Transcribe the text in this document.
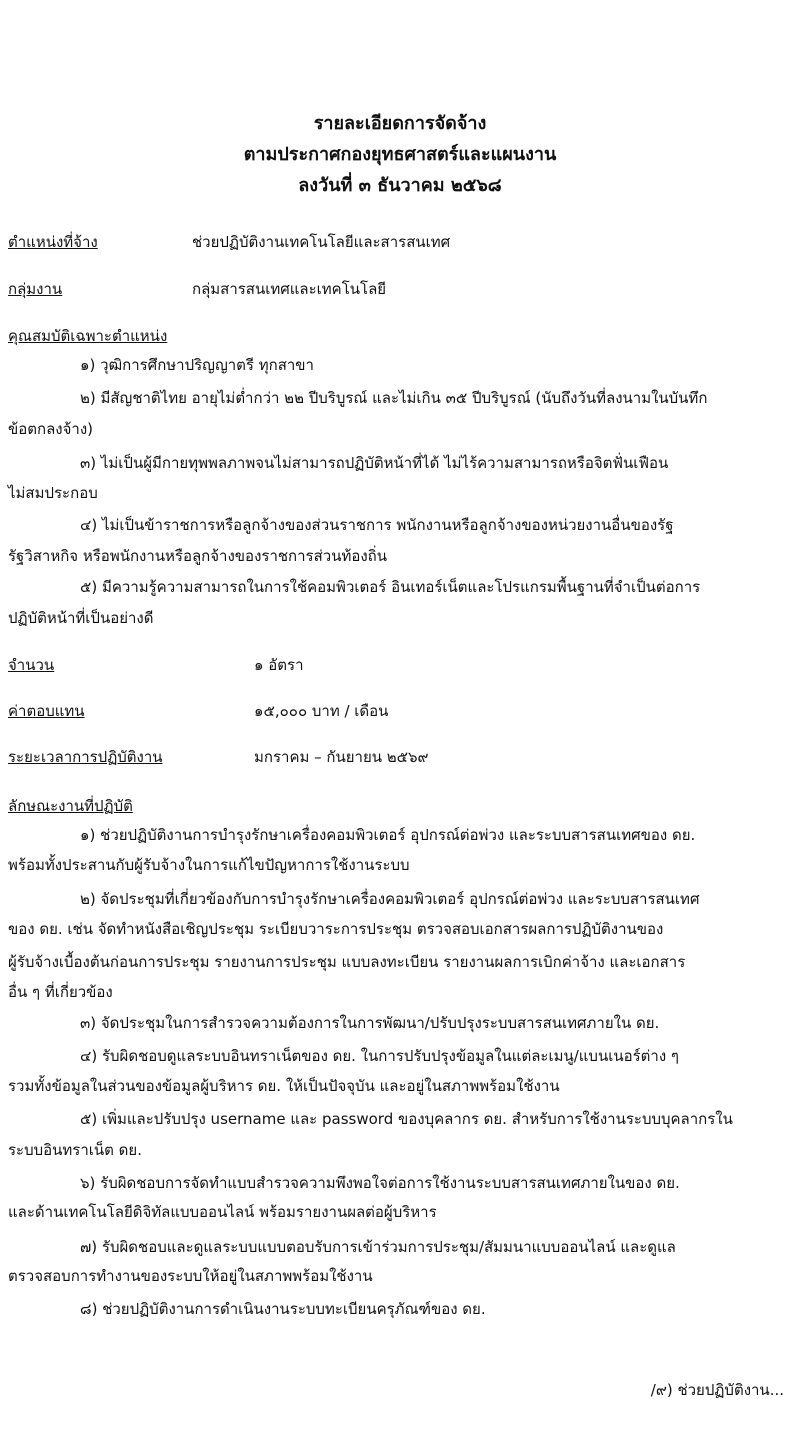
รายละเอียดการจัดจ้าง
ตามประกาศกองยุทธศาสตร์และแผนงาน
ลงวันที่ ๓ ธันวาคม ๒๕๖๘
ตำแหน่งที่จ้าง	ช่วยปฏิบัติงานเทคโนโลยีและสารสนเทศ
กลุ่มงาน	กลุ่มสารสนเทศและเทคโนโลยี
คุณสมบัติเฉพาะตำแหน่ง
๑) วุฒิการศึกษาปริญญาตรี ทุกสาขา
๒) มีสัญชาติไทย อายุไม่ต่ำกว่า ๒๒ ปีบริบูรณ์ และไม่เกิน ๓๕ ปีบริบูรณ์ (นับถึงวันที่ลงนามในบันทึก
ข้อตกลงจ้าง)
๓) ไม่เป็นผู้มีกายทุพพลภาพจนไม่สามารถปฏิบัติหน้าที่ได้ ไม่ไร้ความสามารถหรือจิตฟั่นเฟือน
ไม่สมประกอบ
๔) ไม่เป็นข้าราชการหรือลูกจ้างของส่วนราชการ พนักงานหรือลูกจ้างของหน่วยงานอื่นของรัฐ
รัฐวิสาหกิจ หรือพนักงานหรือลูกจ้างของราชการส่วนท้องถิ่น
๕) มีความรู้ความสามารถในการใช้คอมพิวเตอร์ อินเทอร์เน็ตและโปรแกรมพื้นฐานที่จำเป็นต่อการ
ปฏิบัติหน้าที่เป็นอย่างดี
จำนวน	๑ อัตรา
ค่าตอบแทน	๑๕,๐๐๐ บาท / เดือน
ระยะเวลาการปฏิบัติงาน	มกราคม – กันยายน ๒๕๖๙
ลักษณะงานที่ปฏิบัติ
๑) ช่วยปฏิบัติงานการบำรุงรักษาเครื่องคอมพิวเตอร์ อุปกรณ์ต่อพ่วง และระบบสารสนเทศของ ดย.
พร้อมทั้งประสานกับผู้รับจ้างในการแก้ไขปัญหาการใช้งานระบบ
๒) จัดประชุมที่เกี่ยวข้องกับการบำรุงรักษาเครื่องคอมพิวเตอร์ อุปกรณ์ต่อพ่วง และระบบสารสนเทศ
ของ ดย. เช่น จัดทำหนังสือเชิญประชุม ระเบียบวาระการประชุม ตรวจสอบเอกสารผลการปฏิบัติงานของ
ผู้รับจ้างเบื้องต้นก่อนการประชุม รายงานการประชุม แบบลงทะเบียน รายงานผลการเบิกค่าจ้าง และเอกสาร
อื่น ๆ ที่เกี่ยวข้อง
๓) จัดประชุมในการสำรวจความต้องการในการพัฒนา/ปรับปรุงระบบสารสนเทศภายใน ดย.
๔) รับผิดชอบดูแลระบบอินทราเน็ตของ ดย. ในการปรับปรุงข้อมูลในแต่ละเมนู/แบนเนอร์ต่าง ๆ
รวมทั้งข้อมูลในส่วนของข้อมูลผู้บริหาร ดย. ให้เป็นปัจจุบัน และอยู่ในสภาพพร้อมใช้งาน
๕) เพิ่มและปรับปรุง username และ password ของบุคลากร ดย. สำหรับการใช้งานระบบบุคลากรใน
ระบบอินทราเน็ต ดย.
๖) รับผิดชอบการจัดทำแบบสำรวจความพึงพอใจต่อการใช้งานระบบสารสนเทศภายในของ ดย.
และด้านเทคโนโลยีดิจิทัลแบบออนไลน์ พร้อมรายงานผลต่อผู้บริหาร
๗) รับผิดชอบและดูแลระบบแบบตอบรับการเข้าร่วมการประชุม/สัมมนาแบบออนไลน์ และดูแล
ตรวจสอบการทำงานของระบบให้อยู่ในสภาพพร้อมใช้งาน
๘) ช่วยปฏิบัติงานการดำเนินงานระบบทะเบียนครุภัณฑ์ของ ดย.
/๙) ช่วยปฏิบัติงาน...
